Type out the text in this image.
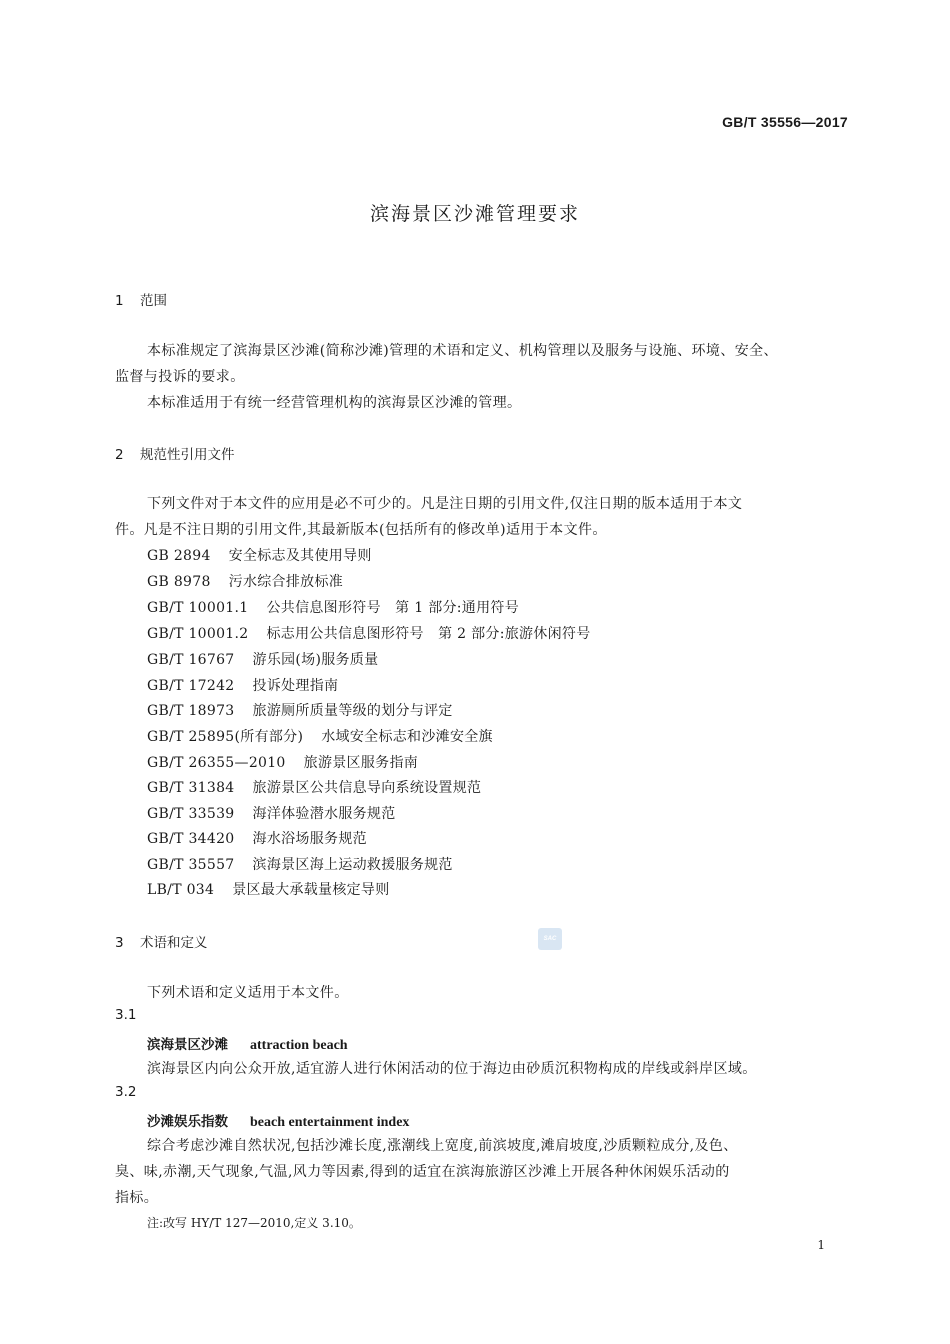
GB/T 35556—2017
滨海景区沙滩管理要求
1 范围
本标准规定了滨海景区沙滩(简称沙滩)管理的术语和定义、机构管理以及服务与设施、环境、安全、
监督与投诉的要求。
本标准适用于有统一经营管理机构的滨海景区沙滩的管理。
2 规范性引用文件
下列文件对于本文件的应用是必不可少的。凡是注日期的引用文件,仅注日期的版本适用于本文
件。凡是不注日期的引用文件,其最新版本(包括所有的修改单)适用于本文件。
GB 2894 安全标志及其使用导则
GB 8978 污水综合排放标准
GB/T 10001.1 公共信息图形符号　第 1 部分:通用符号
GB/T 10001.2 标志用公共信息图形符号　第 2 部分:旅游休闲符号
GB/T 16767 游乐园(场)服务质量
GB/T 17242 投诉处理指南
GB/T 18973 旅游厕所质量等级的划分与评定
GB/T 25895(所有部分) 水域安全标志和沙滩安全旗
GB/T 26355—2010 旅游景区服务指南
GB/T 31384 旅游景区公共信息导向系统设置规范
GB/T 33539 海洋体验潜水服务规范
GB/T 34420 海水浴场服务规范
GB/T 35557 滨海景区海上运动救援服务规范
LB/T 034 景区最大承载量核定导则
3 术语和定义	SAC
下列术语和定义适用于本文件。
3.1
滨海景区沙滩 attraction beach
滨海景区内向公众开放,适宜游人进行休闲活动的位于海边由砂质沉积物构成的岸线或斜岸区域。
3.2
沙滩娱乐指数 beach entertainment index
综合考虑沙滩自然状况,包括沙滩长度,涨潮线上宽度,前滨坡度,滩肩坡度,沙质颗粒成分,及色、
臭、味,赤潮,天气现象,气温,风力等因素,得到的适宜在滨海旅游区沙滩上开展各种休闲娱乐活动的
指标。
注:改写 HY/T 127—2010,定义 3.10。
1
